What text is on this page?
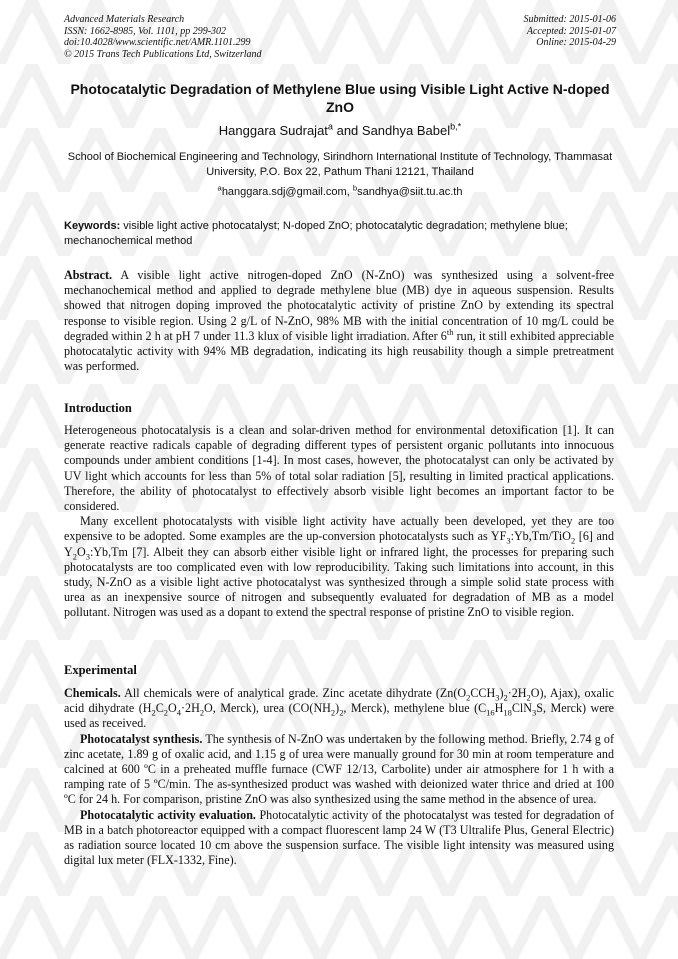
Advanced Materials Research
ISSN: 1662-8985, Vol. 1101, pp 299-302
doi:10.4028/www.scientific.net/AMR.1101.299
© 2015 Trans Tech Publications Ltd, Switzerland
Submitted: 2015-01-06
Accepted: 2015-01-07
Online: 2015-04-29
Photocatalytic Degradation of Methylene Blue using Visible Light Active N-doped ZnO
Hanggara Sudrajat$^a$ and Sandhya Babel$^{b,*}$
School of Biochemical Engineering and Technology, Sirindhorn International Institute of Technology, Thammasat University, P.O. Box 22, Pathum Thani 12121, Thailand
$^a$hanggara.sdj@gmail.com, $^b$sandhya@siit.tu.ac.th
Keywords: visible light active photocatalyst; N-doped ZnO; photocatalytic degradation; methylene blue; mechanochemical method
Abstract. A visible light active nitrogen-doped ZnO (N-ZnO) was synthesized using a solvent-free mechanochemical method and applied to degrade methylene blue (MB) dye in aqueous suspension. Results showed that nitrogen doping improved the photocatalytic activity of pristine ZnO by extending its spectral response to visible region. Using 2 g/L of N-ZnO, 98% MB with the initial concentration of 10 mg/L could be degraded within 2 h at pH 7 under 11.3 klux of visible light irradiation. After 6th run, it still exhibited appreciable photocatalytic activity with 94% MB degradation, indicating its high reusability though a simple pretreatment was performed.
Introduction

Heterogeneous photocatalysis is a clean and solar-driven method for environmental detoxification [1]. It can generate reactive radicals capable of degrading different types of persistent organic pollutants into innocuous compounds under ambient conditions [1-4]. In most cases, however, the photocatalyst can only be activated by UV light which accounts for less than 5% of total solar radiation [5], resulting in limited practical applications. Therefore, the ability of photocatalyst to effectively absorb visible light becomes an important factor to be considered.

Many excellent photocatalysts with visible light activity have actually been developed, yet they are too expensive to be adopted. Some examples are the up-conversion photocatalysts such as $YF_3:Yb,Tm/TiO_2$ [6] and $Y_2O_3:Yb,Tm$ [7]. Albeit they can absorb either visible light or infrared light, the processes for preparing such photocatalysts are too complicated even with low reproducibility. Taking such limitations into account, in this study, N-ZnO as a visible light active photocatalyst was synthesized through a simple solid state process with urea as an inexpensive source of nitrogen and subsequently evaluated for degradation of MB as a model pollutant. Nitrogen was used as a dopant to extend the spectral response of pristine ZnO to visible region.

Experimental

Chemicals. All chemicals were of analytical grade. Zinc acetate dihydrate $(Zn(O_2CCH_3)_2\cdot 2H_2O)$, Ajax), oxalic acid dihydrate ($H_2C_2O_4\cdot 2H_2O$, Merck), urea ($CO(NH_2)_2$, Merck), methylene blue ($C_{16}H_{18}ClN_3S$, Merck) were used as received.

Photocatalyst synthesis. The synthesis of N-ZnO was undertaken by the following method. Briefly, 2.74 g of zinc acetate, 1.89 g of oxalic acid, and 1.15 g of urea were manually ground for 30 min at room temperature and calcined at 600 ºC in a preheated muffle furnace (CWF 12/13, Carbolite) under air atmosphere for 1 h with a ramping rate of 5 ºC/min. The as-synthesized product was washed with deionized water thrice and dried at 100 ºC for 24 h. For comparison, pristine ZnO was also synthesized using the same method in the absence of urea.

Photocatalytic activity evaluation. Photocatalytic activity of the photocatalyst was tested for degradation of MB in a batch photoreactor equipped with a compact fluorescent lamp 24 W (T3 Ultralife Plus, General Electric) as radiation source located 10 cm above the suspension surface. The visible light intensity was measured using digital lux meter (FLX-1332, Fine).
